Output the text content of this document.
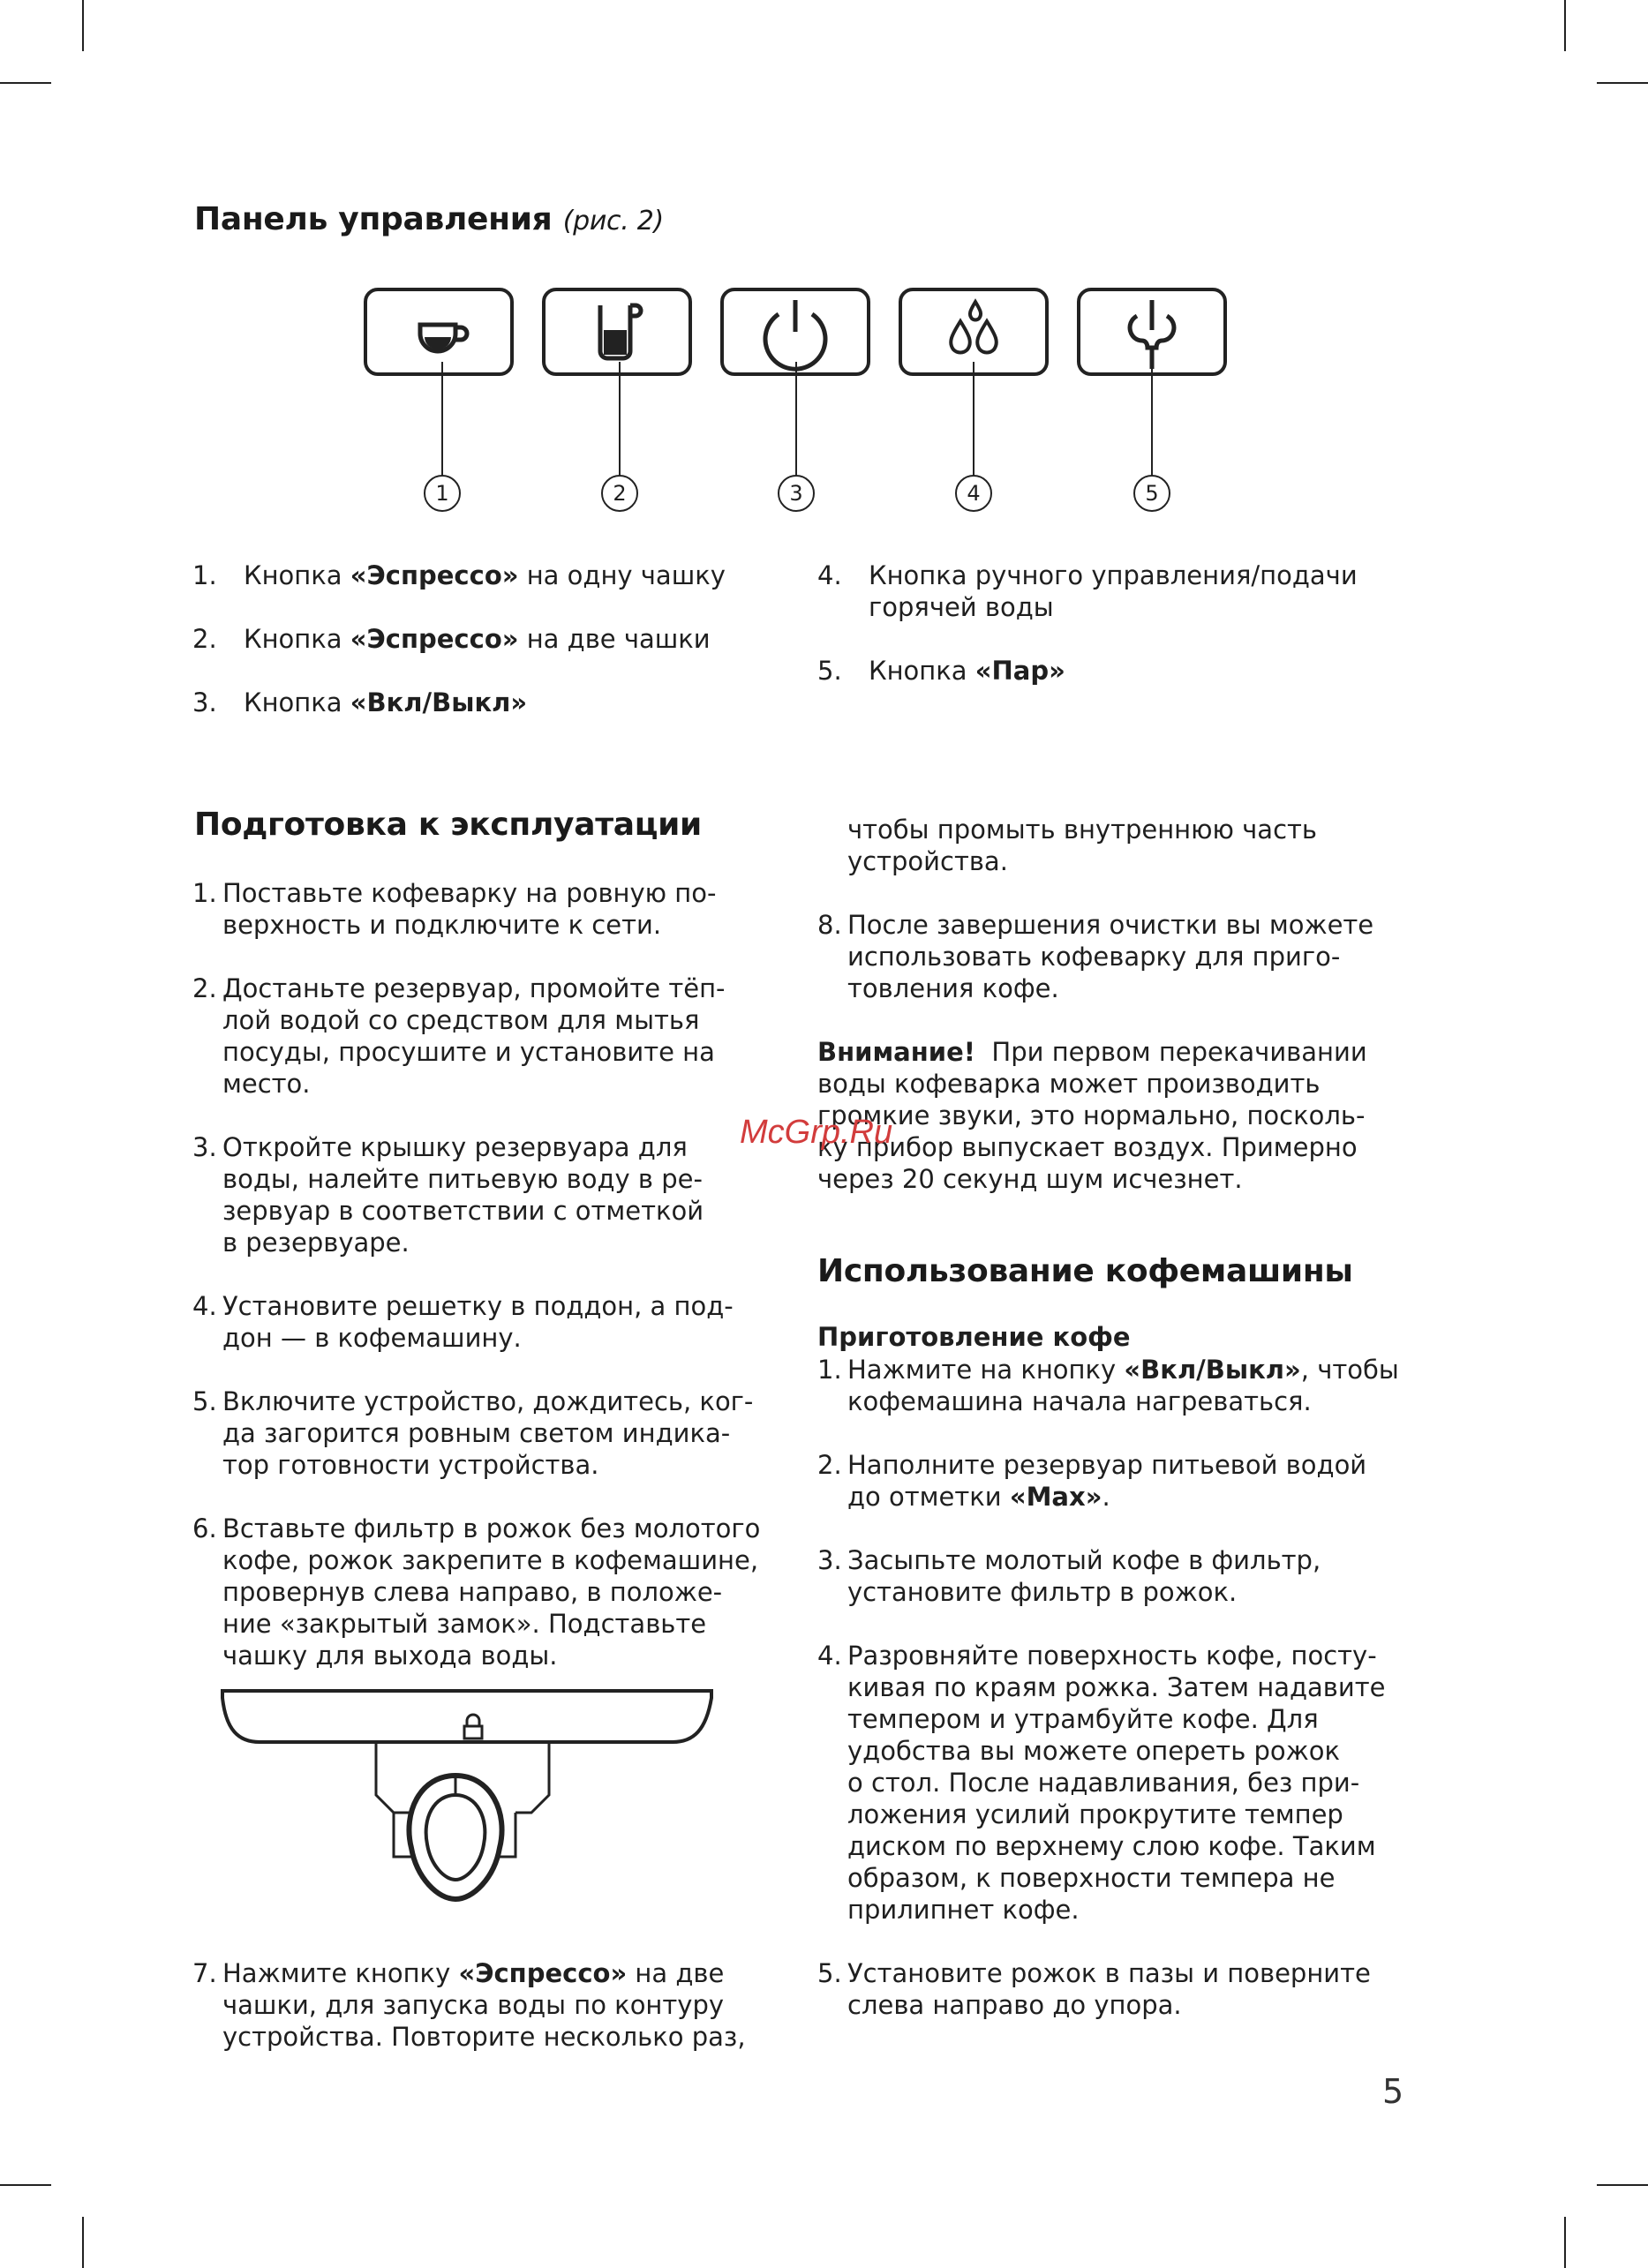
Панель управления (рис. 2)
1	2	3	4	5
1. Кнопка «Эспрессо» на одну чашку
2. Кнопка «Эспрессо» на две чашки
3. Кнопка «Вкл/Выкл»
4. Кнопка ручного управления/подачи
горячей воды
5. Кнопка «Пар»
Подготовка к эксплуатации
1. Поставьте кофеварку на ровную по-
верхность и подключите к сети.
2. Достаньте резервуар, промойте тёп-
лой водой со средством для мытья
посуды, просушите и установите на
место.
3. Откройте крышку резервуара для
воды, налейте питьевую воду в ре-
зервуар в соответствии с отметкой
в резервуаре.
4. Установите решетку в поддон, а под-
дон — в кофемашину.
5. Включите устройство, дождитесь, ког-
да загорится ровным светом индика-
тор готовности устройства.
6. Вставьте фильтр в рожок без молотого
кофе, рожок закрепите в кофемашине,
провернув слева направо, в положе-
ние «закрытый замок». Подставьте
чашку для выхода воды.
7. Нажмите кнопку «Эспрессо» на две
чашки, для запуска воды по контуру
устройства. Повторите несколько раз,
чтобы промыть внутреннюю часть
устройства.
8. После завершения очистки вы можете
использовать кофеварку для приго-
товления кофе.
Внимание! При первом перекачивании
воды кофеварка может производить
громкие звуки, это нормально, посколь-
ку прибор выпускает воздух. Примерно
через 20 секунд шум исчезнет.
McGrp.Ru
Использование кофемашины
Приготовление кофе
1. Нажмите на кнопку «Вкл/Выкл», чтобы
кофемашина начала нагреваться.
2. Наполните резервуар питьевой водой
до отметки «Max».
3. Засыпьте молотый кофе в фильтр,
установите фильтр в рожок.
4. Разровняйте поверхность кофе, посту-
кивая по краям рожка. Затем надавите
темпером и утрамбуйте кофе. Для
удобства вы можете опереть рожок
о стол. После надавливания, без при-
ложения усилий прокрутите темпер
диском по верхнему слою кофе. Таким
образом, к поверхности темпера не
прилипнет кофе.
5. Установите рожок в пазы и поверните
слева направо до упора.
5
